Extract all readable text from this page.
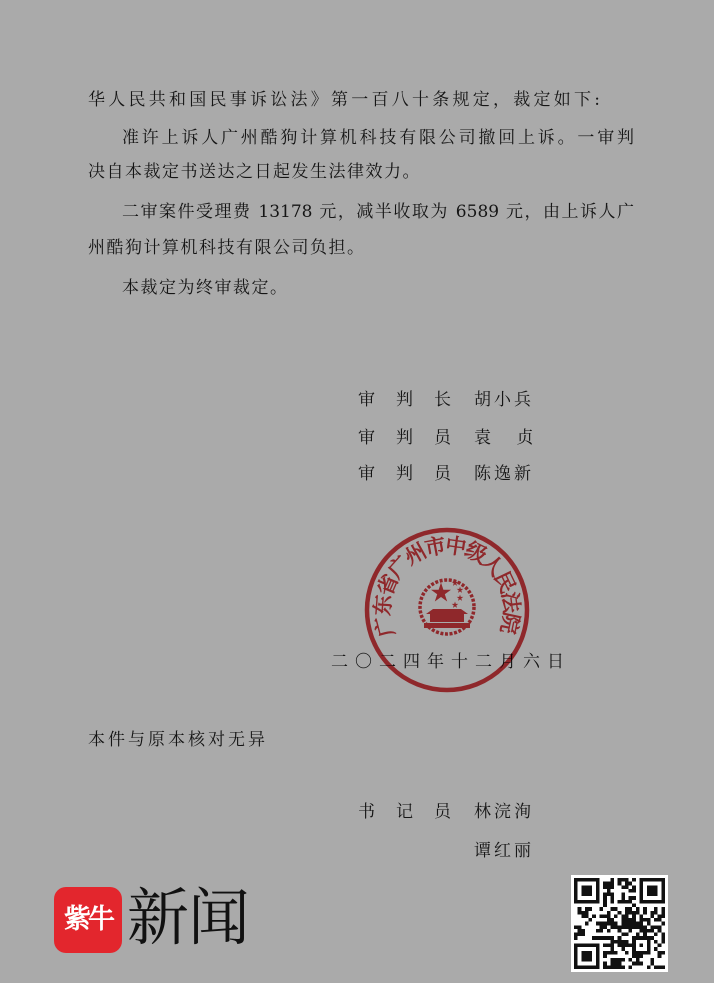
华人民共和国民事诉讼法》第一百八十条规定，裁定如下:
准许上诉人广州酷狗计算机科技有限公司撤回上诉。一审判
决自本裁定书送达之日起发生法律效力。
二审案件受理费 13178 元，减半收取为 6589 元，由上诉人广
州酷狗计算机科技有限公司负担。
本裁定为终审裁定。
审判长 胡小兵
审判员 袁 贞
审判员 陈逸新
二〇二四年十二月六日
广东省广州市中级人民法院
本件与原本核对无异
书记员 林浣洵
谭红丽
紫牛 新闻
